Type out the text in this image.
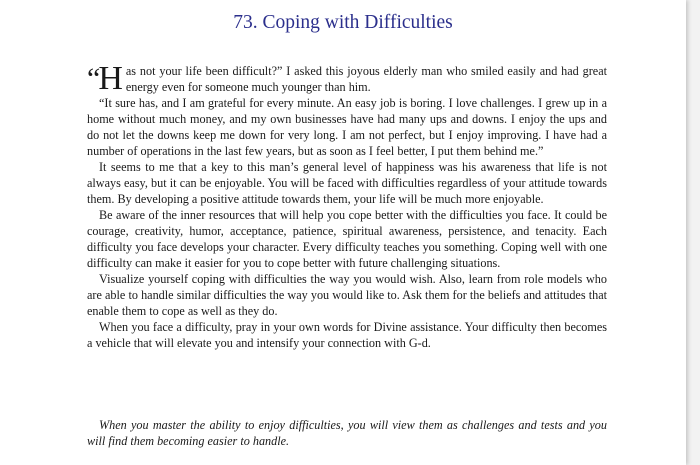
73. Coping with Difficulties

“H as not your life been difficult?” I asked this joyous elderly man who smiled easily and had great energy even for someone much younger than him.

“It sure has, and I am grateful for every minute. An easy job is boring. I love challenges. I grew up in a home without much money, and my own businesses have had many ups and downs. I enjoy the ups and do not let the downs keep me down for very long. I am not perfect, but I enjoy improving. I have had a number of operations in the last few years, but as soon as I feel better, I put them behind me.”

It seems to me that a key to this man’s general level of happiness was his awareness that life is not always easy, but it can be enjoyable. You will be faced with difficulties regardless of your attitude towards them. By developing a positive attitude towards them, your life will be much more enjoyable.

Be aware of the inner resources that will help you cope better with the difficulties you face. It could be courage, creativity, humor, acceptance, patience, spiritual awareness, persistence, and tenacity. Each difficulty you face develops your character. Every difficulty teaches you something. Coping well with one difficulty can make it easier for you to cope better with future challenging situations.

Visualize yourself coping with difficulties the way you would wish. Also, learn from role models who are able to handle similar difficulties the way you would like to. Ask them for the beliefs and attitudes that enable them to cope as well as they do.

When you face a difficulty, pray in your own words for Divine assistance. Your difficulty then becomes a vehicle that will elevate you and intensify your connection with G-d.

When you master the ability to enjoy difficulties, you will view them as challenges and tests and you will find them becoming easier to handle.
